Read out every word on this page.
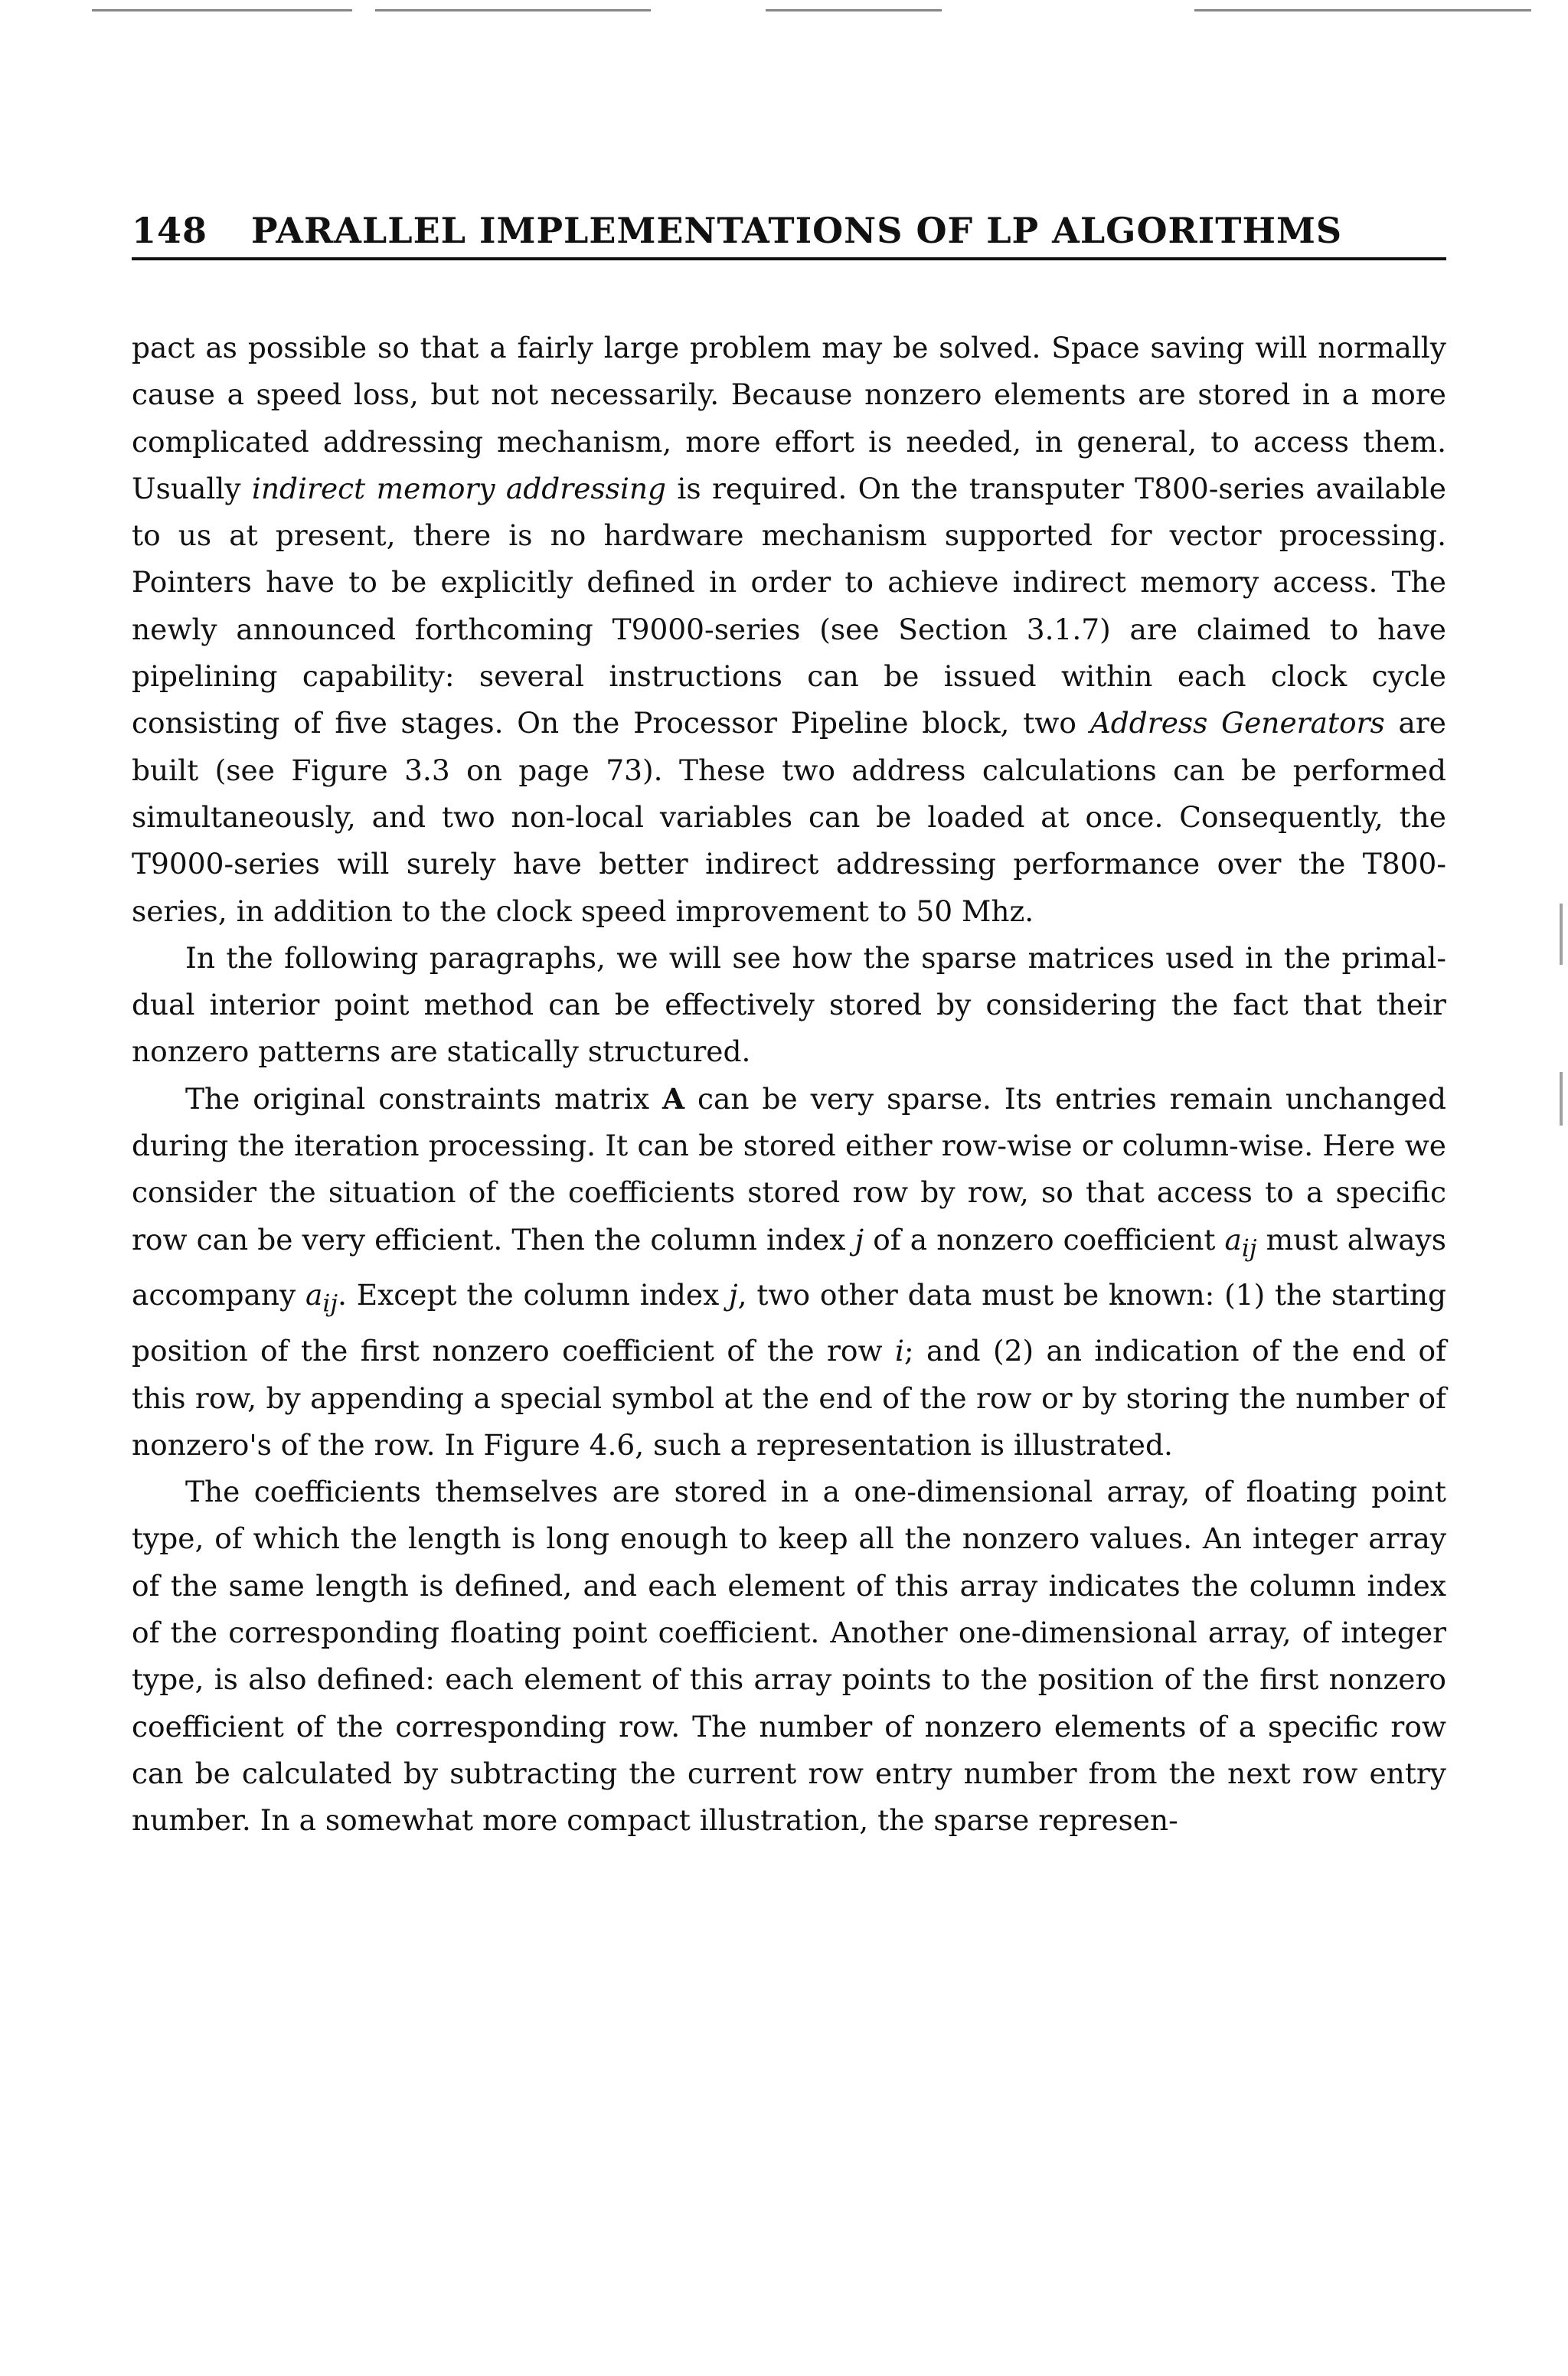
148 PARALLEL IMPLEMENTATIONS OF LP ALGORITHMS

pact as possible so that a fairly large problem may be solved. Space saving will normally cause a speed loss, but not necessarily. Because nonzero elements are stored in a more complicated addressing mechanism, more effort is needed, in general, to access them. Usually indirect memory addressing is required. On the transputer T800-series available to us at present, there is no hardware mechanism supported for vector processing. Pointers have to be explicitly defined in order to achieve indirect memory access. The newly announced forthcoming T9000-series (see Section 3.1.7) are claimed to have pipelining capability: several instructions can be issued within each clock cycle consisting of five stages. On the Processor Pipeline block, two Address Generators are built (see Figure 3.3 on page 73). These two address calculations can be performed simultaneously, and two non-local variables can be loaded at once. Consequently, the T9000-series will surely have better indirect addressing performance over the T800-series, in addition to the clock speed improvement to 50 Mhz.

In the following paragraphs, we will see how the sparse matrices used in the primal-dual interior point method can be effectively stored by considering the fact that their nonzero patterns are statically structured.

The original constraints matrix A can be very sparse. Its entries remain unchanged during the iteration processing. It can be stored either row-wise or column-wise. Here we consider the situation of the coefficients stored row by row, so that access to a specific row can be very efficient. Then the column index j of a nonzero coefficient $a_{ij}$ must always accompany $a_{ij}$. Except the column index j, two other data must be known: (1) the starting position of the first nonzero coefficient of the row i; and (2) an indication of the end of this row, by appending a special symbol at the end of the row or by storing the number of nonzero's of the row. In Figure 4.6, such a representation is illustrated.

The coefficients themselves are stored in a one-dimensional array, of floating point type, of which the length is long enough to keep all the nonzero values. An integer array of the same length is defined, and each element of this array indicates the column index of the corresponding floating point coefficient. Another one-dimensional array, of integer type, is also defined: each element of this array points to the position of the first nonzero coefficient of the corresponding row. The number of nonzero elements of a specific row can be calculated by subtracting the current row entry number from the next row entry number. In a somewhat more compact illustration, the sparse represen-
